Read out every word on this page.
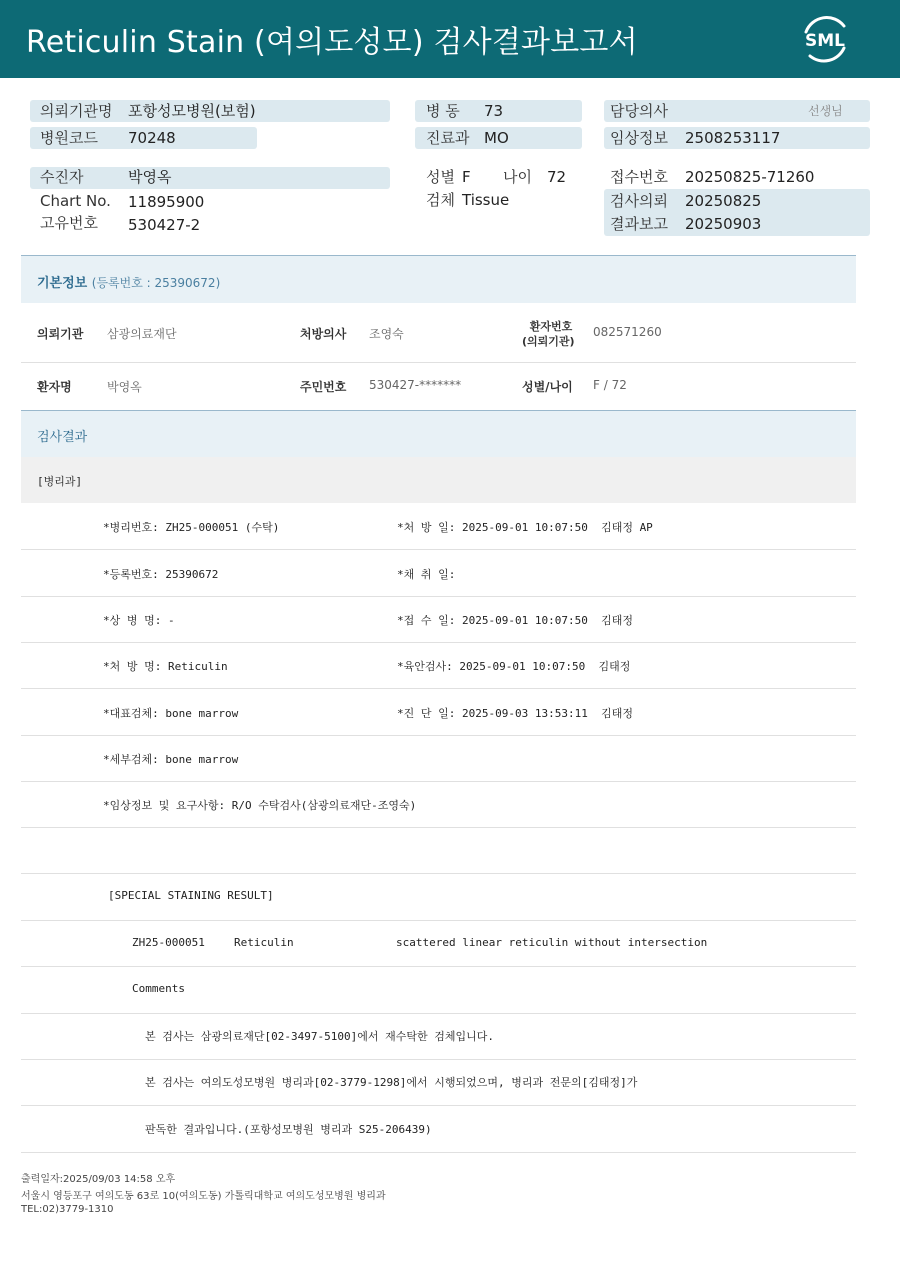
Reticulin Stain (여의도성모) 검사결과보고서	SML
의뢰기관명 포항성모병원(보험)
병원코드 70248
병 동 73
진료과 MO
담당의사	선생님
임상정보 2508253117
수진자	박영옥
Chart No. 11895900
고유번호 530427-2
성별 F 나이 72
검체 Tissue
접수번호 20250825-71260
검사의뢰 20250825
결과보고 20250903
기본정보 (등록번호 : 25390672)
의뢰기관 삼광의료재단	처방의사 조영숙
환자번호
(의뢰기관)
082571260
환자명	박영옥	주민번호 530427-*******	성별/나이 F / 72
검사결과
[병리과]
*병리번호: ZH25-000051 (수탁)	*처 방 일: 2025-09-01 10:07:50  김태정 AP
*등록번호: 25390672	*채 취 일:
*상 병 명: -	*접 수 일: 2025-09-01 10:07:50  김태정
*처 방 명: Reticulin	*육안검사: 2025-09-01 10:07:50  김태정
*대표검체: bone marrow	*진 단 일: 2025-09-03 13:53:11  김태정
*세부검체: bone marrow
*임상정보 및 요구사항: R/O 수탁검사(삼광의료재단-조영숙)
[SPECIAL STAINING RESULT]
ZH25-000051	Reticulin	scattered linear reticulin without intersection
Comments
본 검사는 삼광의료재단[02-3497-5100]에서 재수탁한 검체입니다.
본 검사는 여의도성모병원 병리과[02-3779-1298]에서 시행되었으며, 병리과 전문의[김태정]가
판독한 결과입니다.(포항성모병원 병리과 S25-206439)
출력일자:2025/09/03 14:58 오후
서울시 영등포구 여의도동 63로 10(여의도동) 가톨릭대학교 여의도성모병원 병리과
TEL:02)3779-1310
